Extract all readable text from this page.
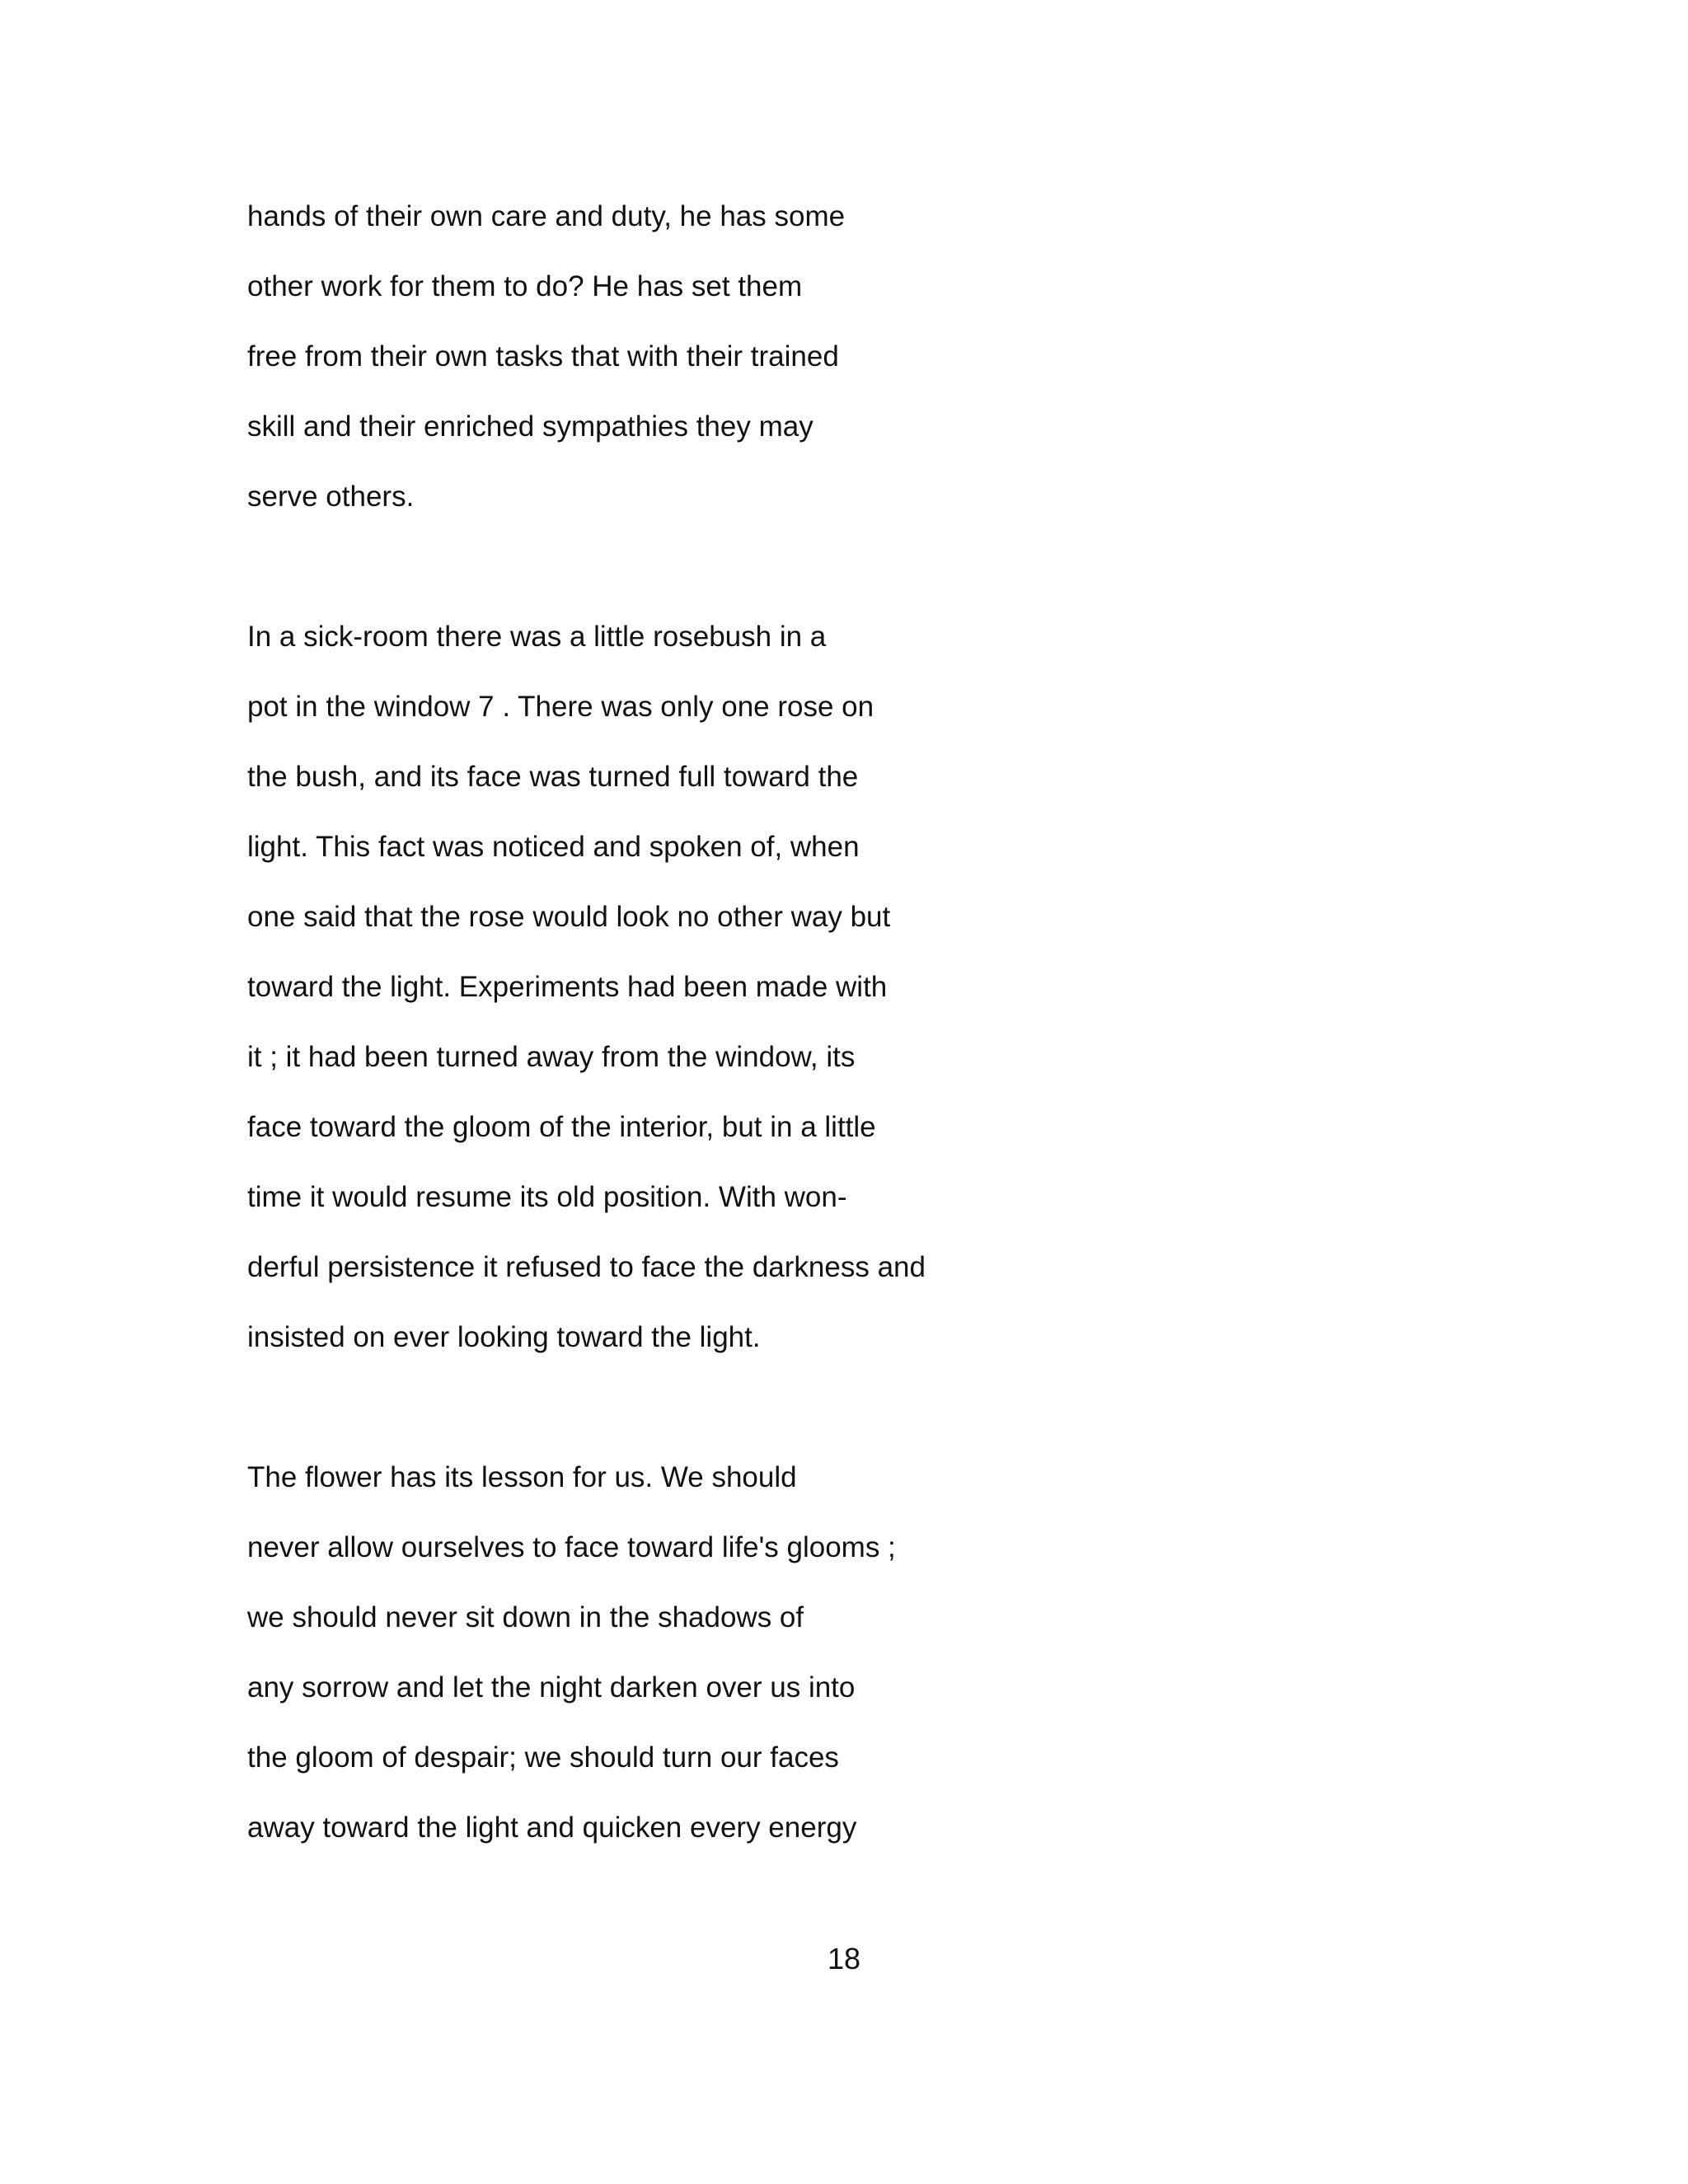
hands of their own care and duty, he has some
other work for them to do? He has set them
free from their own tasks that with their trained
skill and their enriched sympathies they may
serve others.
In a sick-room there was a little rosebush in a
pot in the window 7 . There was only one rose on
the bush, and its face was turned full toward the
light. This fact was noticed and spoken of, when
one said that the rose would look no other way but
toward the light. Experiments had been made with
it ; it had been turned away from the window, its
face toward the gloom of the interior, but in a little
time it would resume its old position. With won-
derful persistence it refused to face the darkness and
insisted on ever looking toward the light.
The flower has its lesson for us. We should
never allow ourselves to face toward life's glooms ;
we should never sit down in the shadows of
any sorrow and let the night darken over us into
the gloom of despair; we should turn our faces
away toward the light and quicken every energy
18
